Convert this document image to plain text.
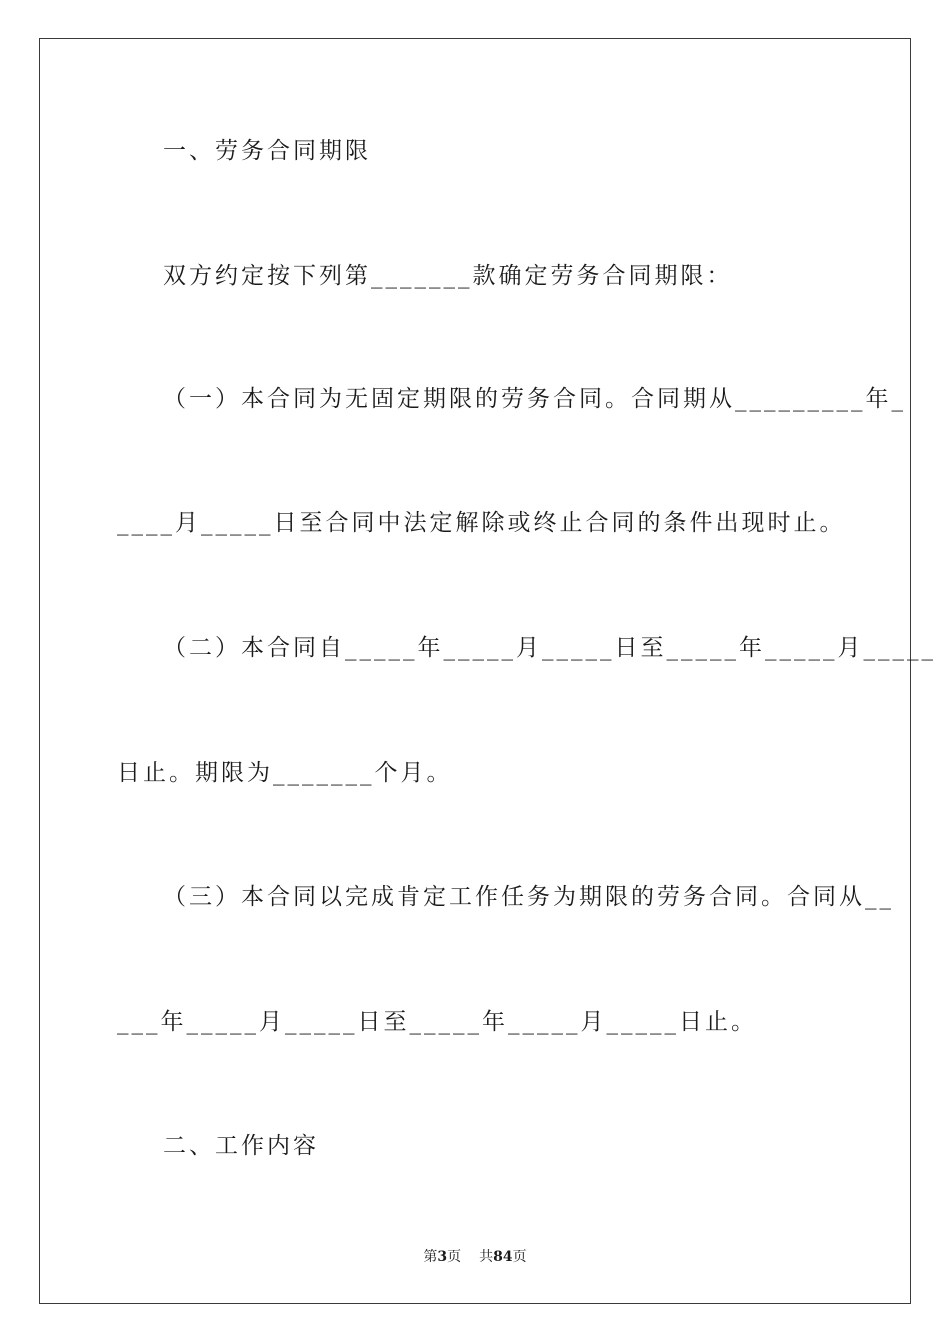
一、劳务合同期限
双方约定按下列第_______款确定劳务合同期限：
（一）本合同为无固定期限的劳务合同。合同期从_________年_
____月_____日至合同中法定解除或终止合同的条件出现时止。
（二）本合同自_____年_____月_____日至_____年_____月_____
日止。期限为_______个月。
（三）本合同以完成肯定工作任务为期限的劳务合同。合同从__
___年_____月_____日至_____年_____月_____日止。
二、工作内容
第3页 共84页
